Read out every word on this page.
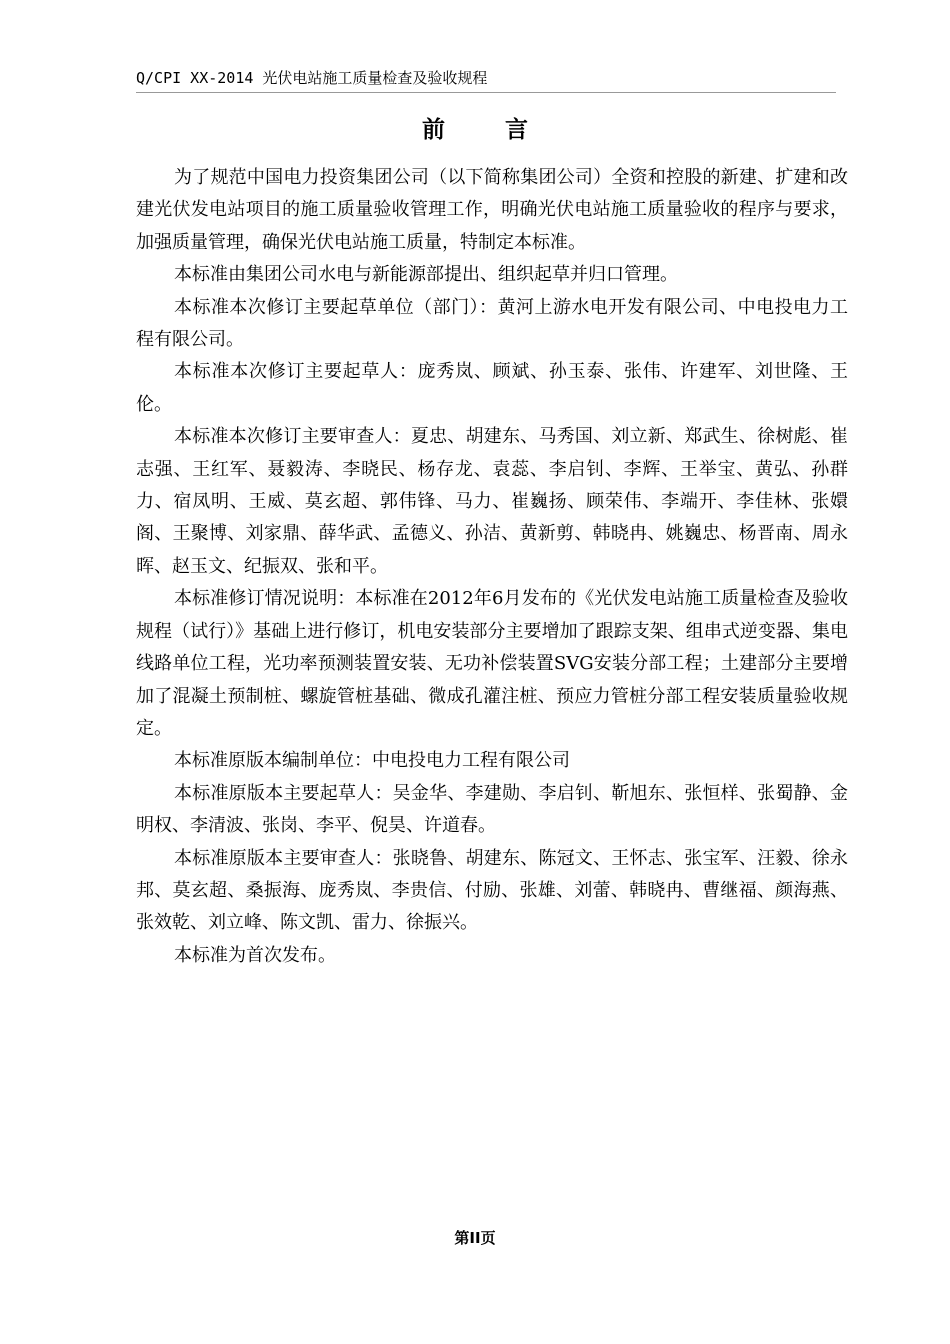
Q/CPI XX-2014 光伏电站施工质量检查及验收规程
前言

为了规范中国电力投资集团公司（以下简称集团公司）全资和控股的新建、扩建和改建光伏发电站项目的施工质量验收管理工作，明确光伏电站施工质量验收的程序与要求，加强质量管理，确保光伏电站施工质量，特制定本标准。

本标准由集团公司水电与新能源部提出、组织起草并归口管理。

本标准本次修订主要起草单位（部门）：黄河上游水电开发有限公司、中电投电力工程有限公司。

本标准本次修订主要起草人：庞秀岚、顾斌、孙玉泰、张伟、许建军、刘世隆、王伦。

本标准本次修订主要审查人：夏忠、胡建东、马秀国、刘立新、郑武生、徐树彪、崔志强、王红军、聂毅涛、李晓民、杨存龙、袁蕊、李启钊、李辉、王举宝、黄弘、孙群力、宿凤明、王威、莫玄超、郭伟锋、马力、崔巍扬、顾荣伟、李端开、李佳林、张嬛阁、王聚博、刘家鼎、薛华武、孟德义、孙洁、黄新剪、韩晓冉、姚巍忠、杨晋南、周永晖、赵玉文、纪振双、张和平。

本标准修订情况说明：本标准在2012年6月发布的《光伏发电站施工质量检查及验收规程（试行）》基础上进行修订，机电安装部分主要增加了跟踪支架、组串式逆变器、集电线路单位工程，光功率预测装置安装、无功补偿装置SVG安装分部工程；土建部分主要增加了混凝土预制桩、螺旋管桩基础、微成孔灌注桩、预应力管桩分部工程安装质量验收规定。

本标准原版本编制单位：中电投电力工程有限公司

本标准原版本主要起草人：吴金华、李建勋、李启钊、靳旭东、张恒样、张蜀静、金明权、李清波、张岗、李平、倪昊、许道春。

本标准原版本主要审查人：张晓鲁、胡建东、陈冠文、王怀志、张宝军、汪毅、徐永邦、莫玄超、桑振海、庞秀岚、李贵信、付励、张雄、刘蕾、韩晓冉、曹继福、颜海燕、张效乾、刘立峰、陈文凯、雷力、徐振兴。

本标准为首次发布。

第II页
